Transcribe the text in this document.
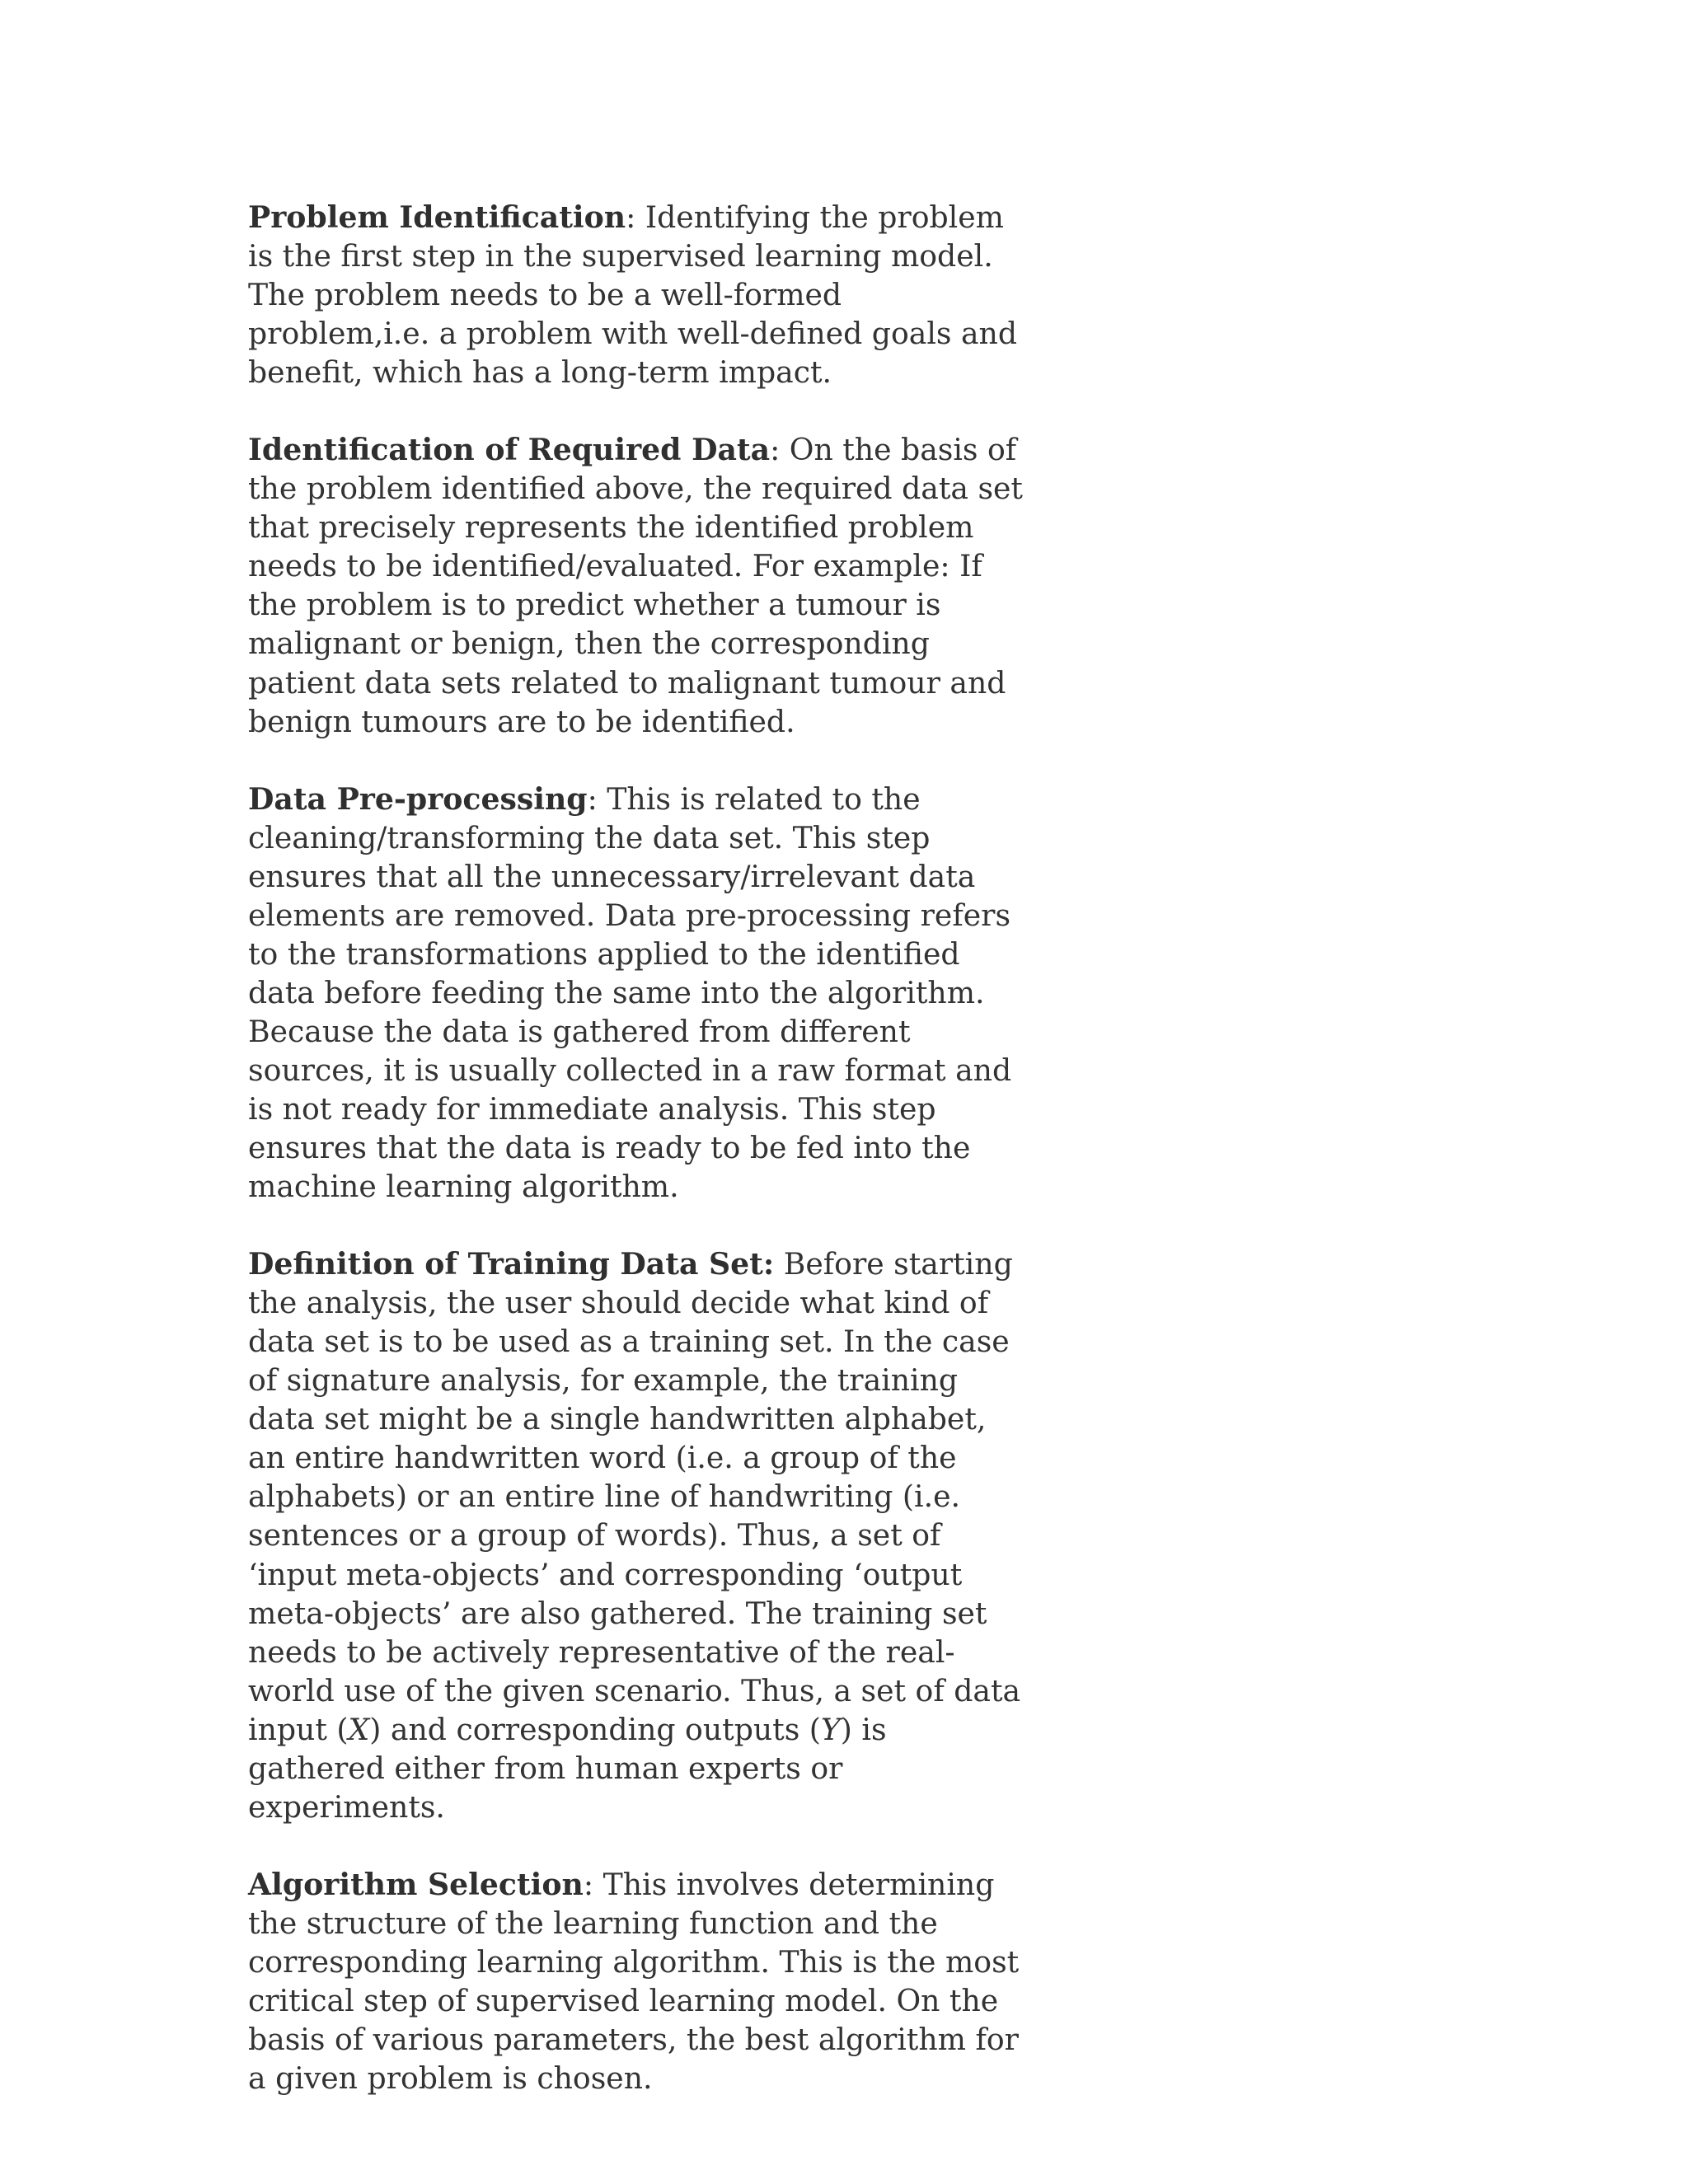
Problem Identification: Identifying the problem is the first step in the supervised learning model. The problem needs to be a well-formed problem,i.e. a problem with well-defined goals and benefit, which has a long-term impact.

Identification of Required Data: On the basis of the problem identified above, the required data set that precisely represents the identified problem needs to be identified/evaluated. For example: If the problem is to predict whether a tumour is malignant or benign, then the corresponding patient data sets related to malignant tumour and benign tumours are to be identified.

Data Pre-processing: This is related to the cleaning/transforming the data set. This step ensures that all the unnecessary/irrelevant data elements are removed. Data pre-processing refers to the transformations applied to the identified data before feeding the same into the algorithm. Because the data is gathered from different sources, it is usually collected in a raw format and is not ready for immediate analysis. This step ensures that the data is ready to be fed into the machine learning algorithm.

Definition of Training Data Set: Before starting the analysis, the user should decide what kind of data set is to be used as a training set. In the case of signature analysis, for example, the training data set might be a single handwritten alphabet, an entire handwritten word (i.e. a group of the alphabets) or an entire line of handwriting (i.e. sentences or a group of words). Thus, a set of ‘input meta-objects’ and corresponding ‘output meta-objects’ are also gathered. The training set needs to be actively representative of the real-world use of the given scenario. Thus, a set of data input (X) and corresponding outputs (Y) is gathered either from human experts or experiments.

Algorithm Selection: This involves determining the structure of the learning function and the corresponding learning algorithm. This is the most critical step of supervised learning model. On the basis of various parameters, the best algorithm for a given problem is chosen.
